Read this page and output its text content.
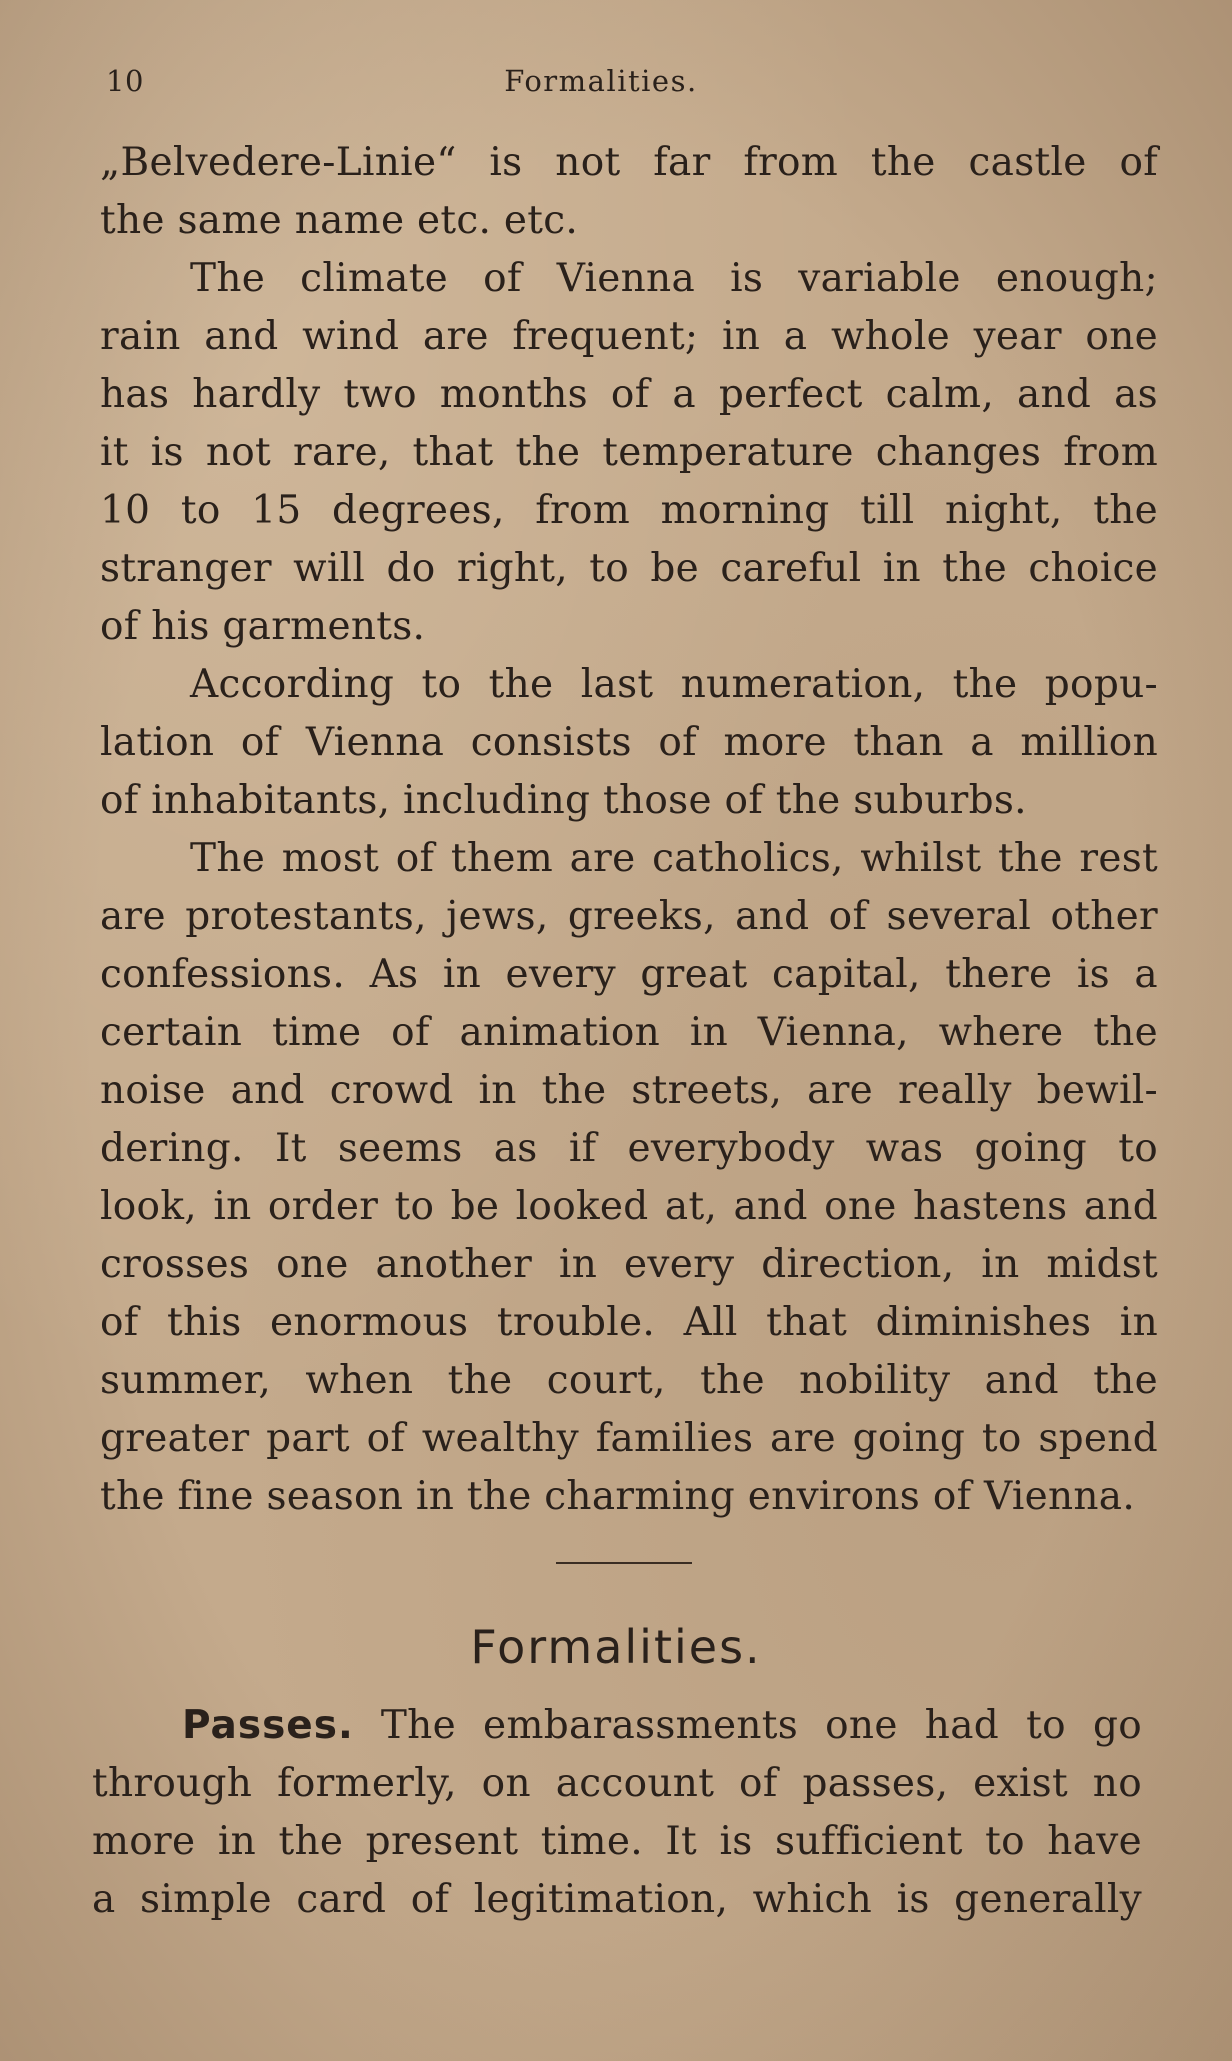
10	Formalities.
„Belvedere-Linie“ is not far from the castle of
the same name etc. etc.
The climate of Vienna is variable enough;
rain and wind are frequent; in a whole year one
has hardly two months of a perfect calm, and as
it is not rare, that the temperature changes from
10 to 15 degrees, from morning till night, the
stranger will do right, to be careful in the choice
of his garments.
According to the last numeration, the popu-
lation of Vienna consists of more than a million
of inhabitants, including those of the suburbs.
The most of them are catholics, whilst the rest
are protestants, jews, greeks, and of several other
confessions. As in every great capital, there is a
certain time of animation in Vienna, where the
noise and crowd in the streets, are really bewil-
dering. It seems as if everybody was going to
look, in order to be looked at, and one hastens and
crosses one another in every direction, in midst
of this enormous trouble. All that diminishes in
summer, when the court, the nobility and the
greater part of wealthy families are going to spend
the fine season in the charming environs of Vienna.
Formalities.
Passes. The embarassments one had to go
through formerly, on account of passes, exist no
more in the present time. It is sufficient to have
a simple card of legitimation, which is generally
